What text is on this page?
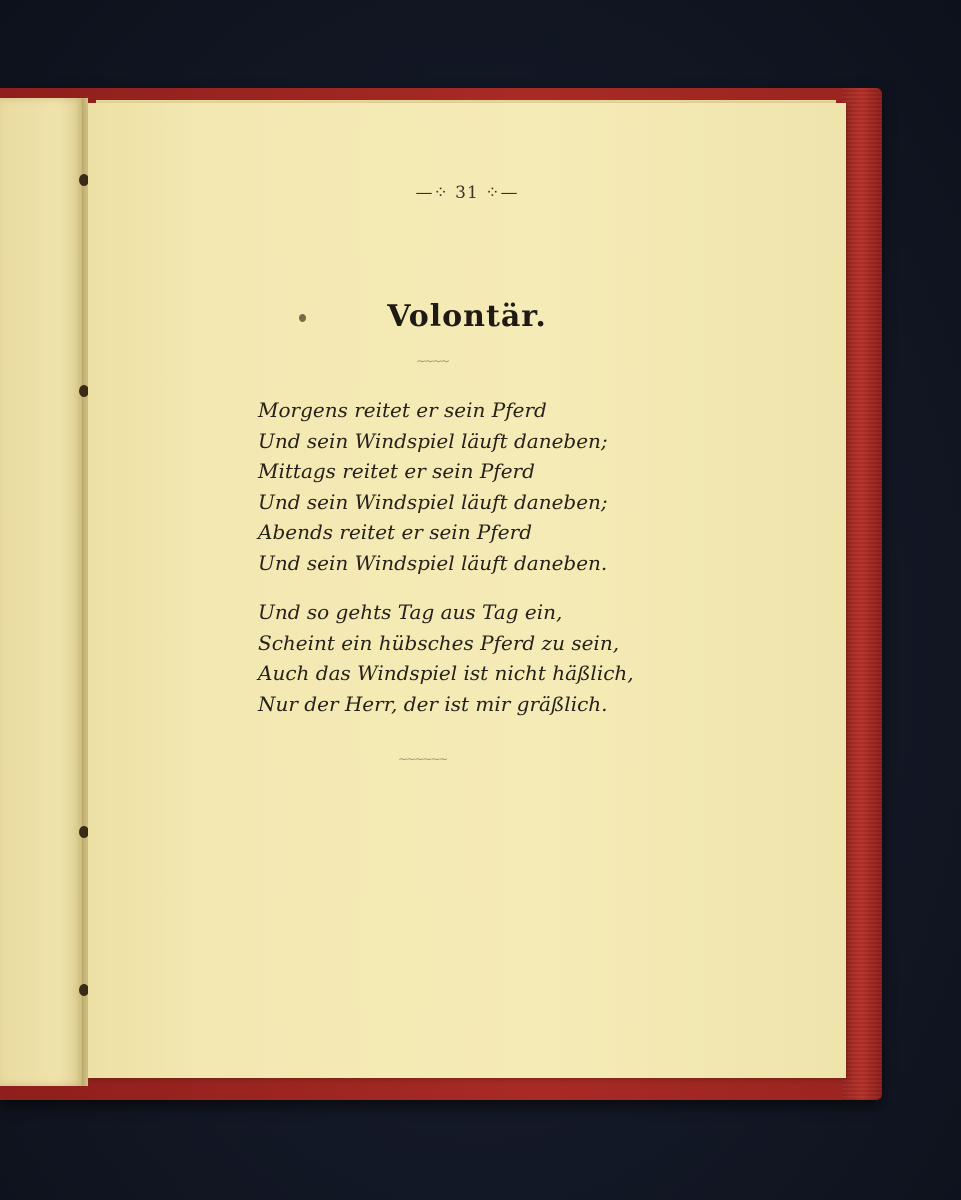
—⁘ 31 ⁘—
Volontär.
∼∼∼∼
Morgens reitet er sein Pferd
Und sein Windspiel läuft daneben;
Mittags reitet er sein Pferd
Und sein Windspiel läuft daneben;
Abends reitet er sein Pferd
Und sein Windspiel läuft daneben.
Und so gehts Tag aus Tag ein,
Scheint ein hübsches Pferd zu sein,
Auch das Windspiel ist nicht häßlich,
Nur der Herr, der ist mir gräßlich.
∼∼∼∼∼∼
